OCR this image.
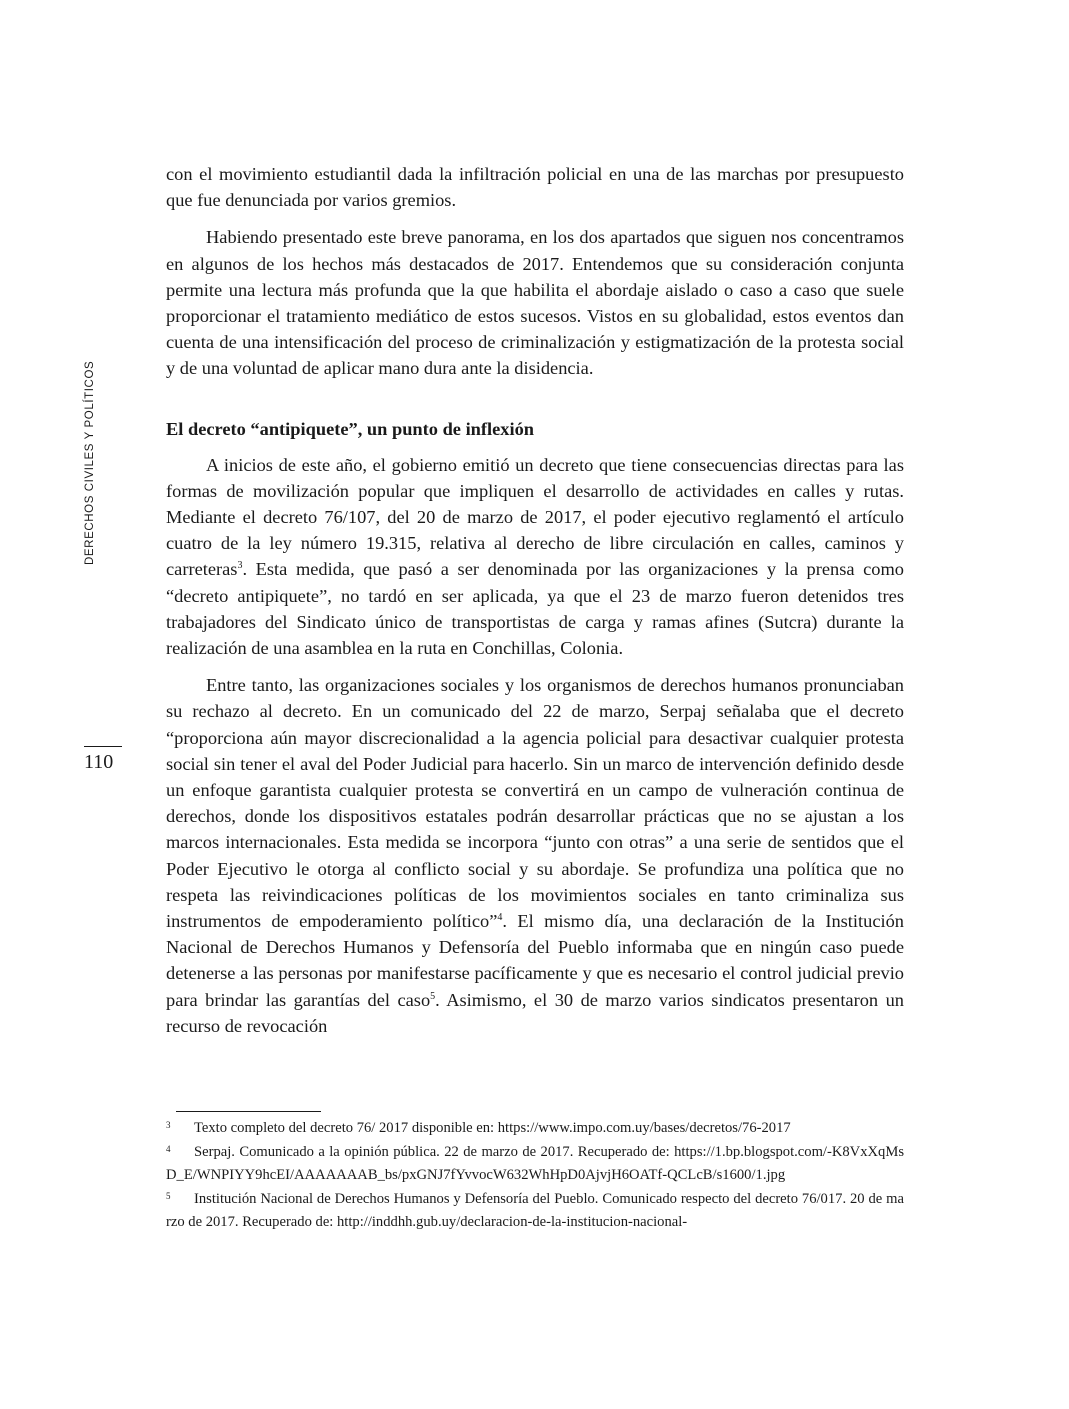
DERECHOS CIVILES Y POLÍTICOS
110

con el movimiento estudiantil dada la infiltración policial en una de las marchas por presupuesto que fue denunciada por varios gremios.

Habiendo presentado este breve panorama, en los dos apartados que siguen nos concentramos en algunos de los hechos más destacados de 2017. Entendemos que su consideración conjunta permite una lectura más profunda que la que habilita el abordaje aislado o caso a caso que suele proporcionar el tratamiento mediático de estos sucesos. Vistos en su globalidad, estos eventos dan cuenta de una intensificación del proceso de criminalización y estigmatización de la protesta social y de una voluntad de aplicar mano dura ante la disidencia.

El decreto “antipiquete”, un punto de inflexión

A inicios de este año, el gobierno emitió un decreto que tiene consecuencias directas para las formas de movilización popular que impliquen el desarrollo de actividades en calles y rutas. Mediante el decreto 76/107, del 20 de marzo de 2017, el poder ejecutivo reglamentó el artículo cuatro de la ley número 19.315, relativa al derecho de libre circulación en calles, caminos y carreteras$^3$. Esta medida, que pasó a ser denominada por las organizaciones y la prensa como “decreto antipiquete”, no tardó en ser aplicada, ya que el 23 de marzo fueron detenidos tres trabajadores del Sindicato único de transportistas de carga y ramas afines (Sutcra) durante la realización de una asamblea en la ruta en Conchillas, Colonia.

Entre tanto, las organizaciones sociales y los organismos de derechos humanos pronunciaban su rechazo al decreto. En un comunicado del 22 de marzo, Serpaj señalaba que el decreto “proporciona aún mayor discrecionalidad a la agencia policial para desactivar cualquier protesta social sin tener el aval del Poder Judicial para hacerlo. Sin un marco de intervención definido desde un enfoque garantista cualquier protesta se convertirá en un campo de vulneración continua de derechos, donde los dispositivos estatales podrán desarrollar prácticas que no se ajustan a los marcos internacionales. Esta medida se incorpora “junto con otras” a una serie de sentidos que el Poder Ejecutivo le otorga al conflicto social y su abordaje. Se profundiza una política que no respeta las reivindicaciones políticas de los movimientos sociales en tanto criminaliza sus instrumentos de empoderamiento político”$^4$. El mismo día, una declaración de la Institución Nacional de Derechos Humanos y Defensoría del Pueblo informaba que en ningún caso puede detenerse a las personas por manifestarse pacíficamente y que es necesario el control judicial previo para brindar las garantías del caso$^5$. Asimismo, el 30 de marzo varios sindicatos presentaron un recurso de revocación

3 Texto completo del decreto 76/ 2017 disponible en: https://www.impo.com.uy/bases/decretos/76-2017

4 Serpaj. Comunicado a la opinión pública. 22 de marzo de 2017. Recuperado de: https://1.bp.blogspot.com/-K8VxXqMsD_E/WNPIYY9hcEI/AAAAAAAB_bs/pxGNJ7fYvvocW632WhHpD0AjvjH6OATf-QCLcB/s1600/1.jpg

5 Institución Nacional de Derechos Humanos y Defensoría del Pueblo. Comunicado respecto del decreto 76/017. 20 de marzo de 2017. Recuperado de: http://inddhh.gub.uy/declaracion-de-la-institucion-nacional-
